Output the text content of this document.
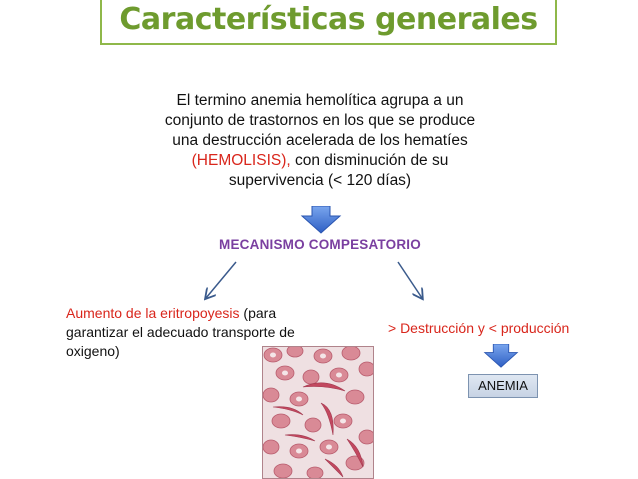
Características generales
El termino anemia hemolítica agrupa a un
conjunto de trastornos en los que se produce
una destrucción acelerada de los hematíes
(HEMOLISIS), con disminución de su
supervivencia (< 120 días)
MECANISMO COMPESATORIO
Aumento de la eritropoyesis (para garantizar el adecuado transporte de oxigeno)
> Destrucción y < producción
ANEMIA
